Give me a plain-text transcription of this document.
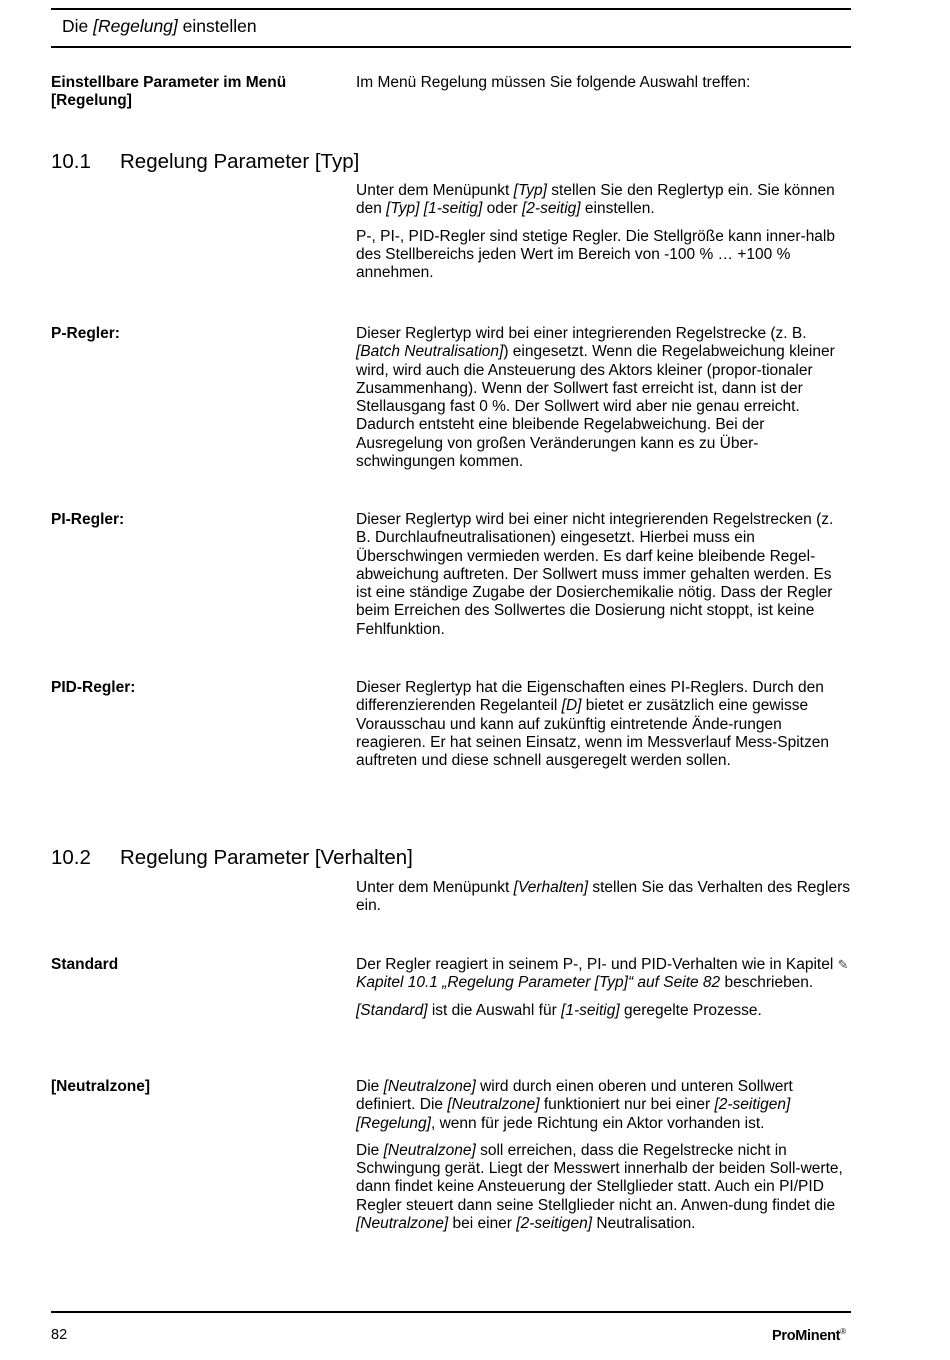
Die [Regelung] einstellen
Einstellbare Parameter im Menü [Regelung]
Im Menü Regelung müssen Sie folgende Auswahl treffen:
10.1 Regelung Parameter [Typ]

Unter dem Menüpunkt [Typ] stellen Sie den Reglertyp ein. Sie können den [Typ] [1-seitig] oder [2-seitig] einstellen.

P-, PI-, PID-Regler sind stetige Regler. Die Stellgröße kann inner-halb des Stellbereichs jeden Wert im Bereich von -100 % … +100 % annehmen.

P-Regler:	Dieser Reglertyp wird bei einer integrierenden Regelstrecke (z. B. [Batch Neutralisation]) eingesetzt. Wenn die Regelabweichung kleiner wird, wird auch die Ansteuerung des Aktors kleiner (propor-tionaler Zusammenhang). Wenn der Sollwert fast erreicht ist, dann ist der Stellausgang fast 0 %. Der Sollwert wird aber nie genau erreicht. Dadurch entsteht eine bleibende Regelabweichung. Bei der Ausregelung von großen Veränderungen kann es zu Über-schwingungen kommen.
PI-Regler:	Dieser Reglertyp wird bei einer nicht integrierenden Regelstrecken (z. B. Durchlaufneutralisationen) eingesetzt. Hierbei muss ein Überschwingen vermieden werden. Es darf keine bleibende Regel-abweichung auftreten. Der Sollwert muss immer gehalten werden. Es ist eine ständige Zugabe der Dosierchemikalie nötig. Dass der Regler beim Erreichen des Sollwertes die Dosierung nicht stoppt, ist keine Fehlfunktion.
PID-Regler:	Dieser Reglertyp hat die Eigenschaften eines PI-Reglers. Durch den differenzierenden Regelanteil [D] bietet er zusätzlich eine gewisse Vorausschau und kann auf zukünftig eintretende Ände-rungen reagieren. Er hat seinen Einsatz, wenn im Messverlauf Mess-Spitzen auftreten und diese schnell ausgeregelt werden sollen.
10.2 Regelung Parameter [Verhalten]
Unter dem Menüpunkt [Verhalten] stellen Sie das Verhalten des Reglers ein.
Standard	Der Regler reagiert in seinem P-, PI- und PID-Verhalten wie in Kapitel ✎ Kapitel 10.1 „Regelung Parameter [Typ]“ auf Seite 82 beschrieben.

[Standard] ist die Auswahl für [1-seitig] geregelte Prozesse.

[Neutralzone]	Die [Neutralzone] wird durch einen oberen und unteren Sollwert definiert. Die [Neutralzone] funktioniert nur bei einer [2-seitigen] [Regelung], wenn für jede Richtung ein Aktor vorhanden ist.

Die [Neutralzone] soll erreichen, dass die Regelstrecke nicht in Schwingung gerät. Liegt der Messwert innerhalb der beiden Soll-werte, dann findet keine Ansteuerung der Stellglieder statt. Auch ein PI/PID Regler steuert dann seine Stellglieder nicht an. Anwen-dung findet die [Neutralzone] bei einer [2-seitigen] Neutralisation.

82	ProMinent®
